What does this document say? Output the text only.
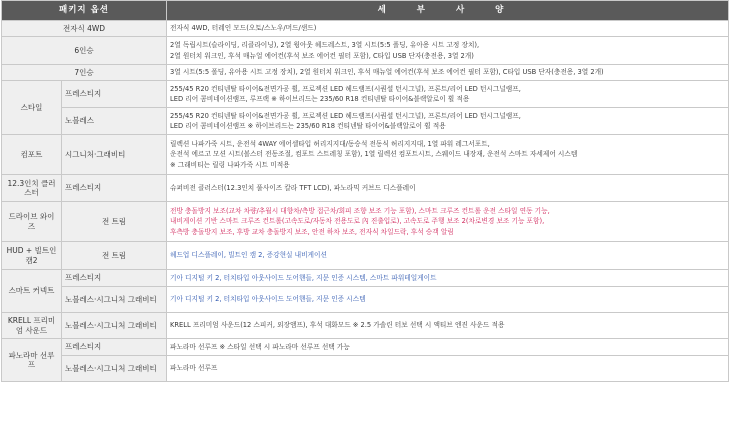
패키지 옵션		세 부 사 양
전자식 4WD		전자식 4WD, 터레인 모드(오토/스노우/머드/샌드)
6인승		2열 독립시트(슬라이딩, 리클라이닝), 2열 윙아웃 헤드레스트, 3열 시트(5:5 폴딩, 유아용 시트 고정 장치),
2열 원터치 워크인, 후석 매뉴얼 에어컨(후석 보조 에어컨 필터 포함), C타입 USB 단자(충전용, 3열 2개)

7인승		3열 시트(5:5 폴딩, 유아용 시트 고정 장치), 2열 원터치 워크인, 후석 매뉴얼 에어컨(후석 보조 에어컨 필터 포함), C타입 USB 단자(충전용, 3열 2개)
스타일	프레스티지	255/45 R20 컨티넨탈 타이어&전면가공 휠, 프로젝션 LED 헤드램프(시퀀셜 턴시그널), 프론트/리어 LED 턴시그널램프,
LED 리어 콤비네이션램프, 루프랙 ※ 하이브리드는 235/60 R18 컨티넨탈 타이어&블랙알로이 휠 적용

	노블레스	255/45 R20 컨티넨탈 타이어&전면가공 휠, 프로젝션 LED 헤드램프(시퀀셜 턴시그널), 프론트/리어 LED 턴시그널램프,
LED 리어 콤비네이션램프 ※ 하이브리드는 235/60 R18 컨티넨탈 타이어&블랙알로이 휠 적용

컴포트	시그니처·그래비티	릴렉션 나파가죽 시트, 운전석 4WAY 에어셀타입 허리지지대/동승석 전동식 허리지지대, 1열 파워 레그서포트,
운전석 에르고 모션 시트(볼스터 전동조절, 컴포트 스트레칭 포함), 1열 릴렉션 컴포트시트, 스웨이드 내장재, 운전석 스마트 자세제어 시스템
※ 그래비티는 릴링 나파가죽 시트 미적용

12.3인치 클러스터	프레스티지	슈퍼비전 클러스터(12.3인치 풀사이즈 칼라 TFT LCD), 파노라믹 커브드 디스플레이
드라이브 와이즈	전 트림	전방 충돌방지 보조(교차 차량/추월시 대향차/측방 접근차/회피 조향 보조 기능 포함), 스마트 크루즈 컨트롤 운전 스타일 연동 기능,
내비게이션 기반 스마트 크루즈 컨트롤(고속도로/자동차 전용도로 內 진출입로), 고속도로 주행 보조 2(차로변경 보조 기능 포함),
후측방 충돌방지 보조, 후방 교차 충돌방지 보조, 안전 하차 보조, 전자식 차일드락, 후석 승객 알림

HUD + 빌트인 캠2	전 트림	헤드업 디스플레이, 빌트인 캠 2, 증강현실 내비게이션
스마트 커넥트	프레스티지	기아 디지털 키 2, 터치타입 아웃사이드 도어핸들, 지문 인증 시스템, 스마트 파워테일게이트
	노블레스·시그니처 그래비티	기아 디지털 키 2, 터치타입 아웃사이드 도어핸들, 지문 인증 시스템
KRELL 프리미엄 사운드	노블레스·시그니처 그래비티	KRELL 프리미엄 사운드(12 스피커, 외장앰프), 후석 대화모드 ※ 2.5 가솔린 터보 선택 시 액티브 엔진 사운드 적용
파노라마 선루프	프레스티지	파노라마 선루프 ※ 스타일 선택 시 파노라마 선루프 선택 가능
	노블레스·시그니처 그래비티	파노라마 선루프
